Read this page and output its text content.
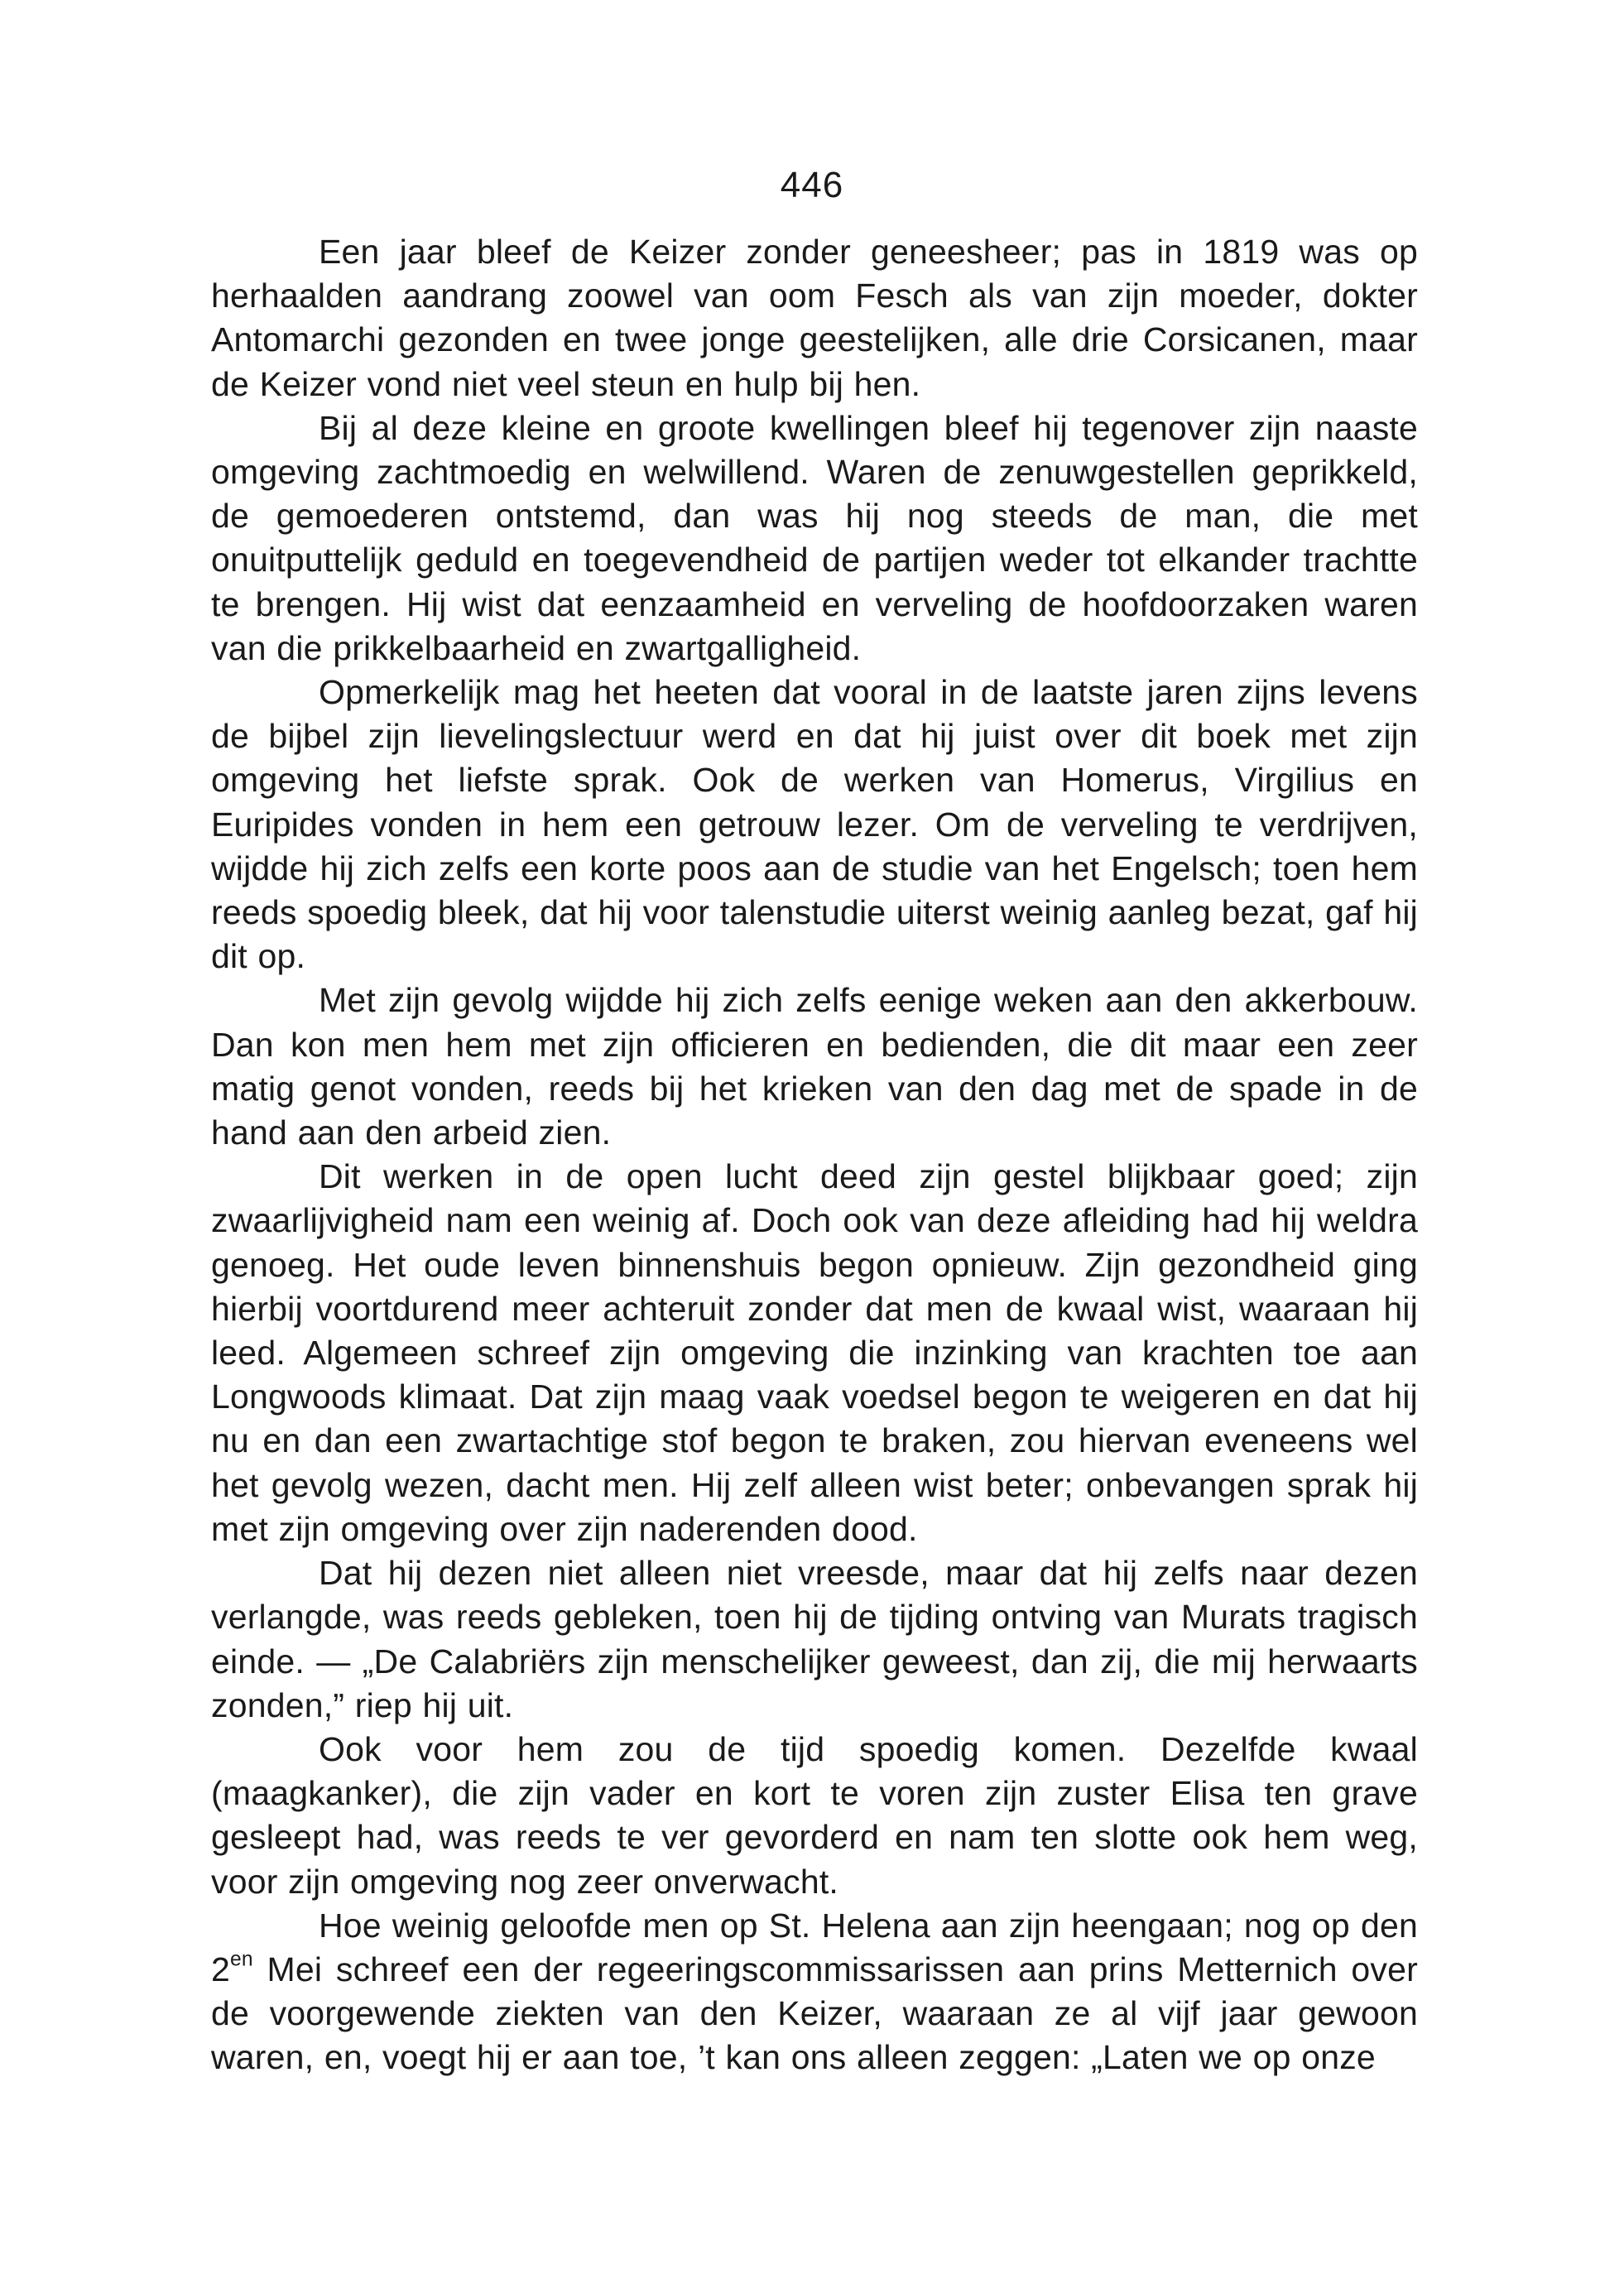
446

Een jaar bleef de Keizer zonder geneesheer; pas in 1819 was op herhaalden aandrang zoowel van oom Fesch als van zijn moeder, dokter Antomarchi gezonden en twee jonge geestelijken, alle drie Corsicanen, maar de Keizer vond niet veel steun en hulp bij hen.

Bij al deze kleine en groote kwellingen bleef hij tegenover zijn naaste omgeving zachtmoedig en welwillend. Waren de zenuwgestellen geprikkeld, de gemoederen ontstemd, dan was hij nog steeds de man, die met onuitputtelijk geduld en toegevendheid de partijen weder tot elkander trachtte te brengen. Hij wist dat eenzaamheid en verveling de hoofdoorzaken waren van die prikkelbaarheid en zwartgalligheid.

Opmerkelijk mag het heeten dat vooral in de laatste jaren zijns levens de bijbel zijn lievelingslectuur werd en dat hij juist over dit boek met zijn omgeving het liefste sprak. Ook de werken van Homerus, Virgilius en Euripides vonden in hem een getrouw lezer. Om de verveling te verdrijven, wijdde hij zich zelfs een korte poos aan de studie van het Engelsch; toen hem reeds spoedig bleek, dat hij voor talenstudie uiterst weinig aanleg bezat, gaf hij dit op.

Met zijn gevolg wijdde hij zich zelfs eenige weken aan den akkerbouw. Dan kon men hem met zijn officieren en bedienden, die dit maar een zeer matig genot vonden, reeds bij het krieken van den dag met de spade in de hand aan den arbeid zien.

Dit werken in de open lucht deed zijn gestel blijkbaar goed; zijn zwaarlijvigheid nam een weinig af. Doch ook van deze afleiding had hij weldra genoeg. Het oude leven binnenshuis begon opnieuw. Zijn gezondheid ging hierbij voortdurend meer achteruit zonder dat men de kwaal wist, waaraan hij leed. Algemeen schreef zijn omgeving die inzinking van krachten toe aan Longwoods klimaat. Dat zijn maag vaak voedsel begon te weigeren en dat hij nu en dan een zwartachtige stof begon te braken, zou hiervan eveneens wel het gevolg wezen, dacht men. Hij zelf alleen wist beter; onbevangen sprak hij met zijn omgeving over zijn naderenden dood.

Dat hij dezen niet alleen niet vreesde, maar dat hij zelfs naar dezen verlangde, was reeds gebleken, toen hij de tijding ontving van Murats tragisch einde. — „De Calabriërs zijn menschelijker geweest, dan zij, die mij herwaarts zonden,” riep hij uit.

Ook voor hem zou de tijd spoedig komen. Dezelfde kwaal (maagkanker), die zijn vader en kort te voren zijn zuster Elisa ten grave gesleept had, was reeds te ver gevorderd en nam ten slotte ook hem weg, voor zijn omgeving nog zeer onverwacht.

Hoe weinig geloofde men op St. Helena aan zijn heengaan; nog op den $2^{en}$ Mei schreef een der regeeringscommissarissen aan prins Metternich over de voorgewende ziekten van den Keizer, waaraan ze al vijf jaar gewoon waren, en, voegt hij er aan toe, ’t kan ons alleen zeggen: „Laten we op onze
